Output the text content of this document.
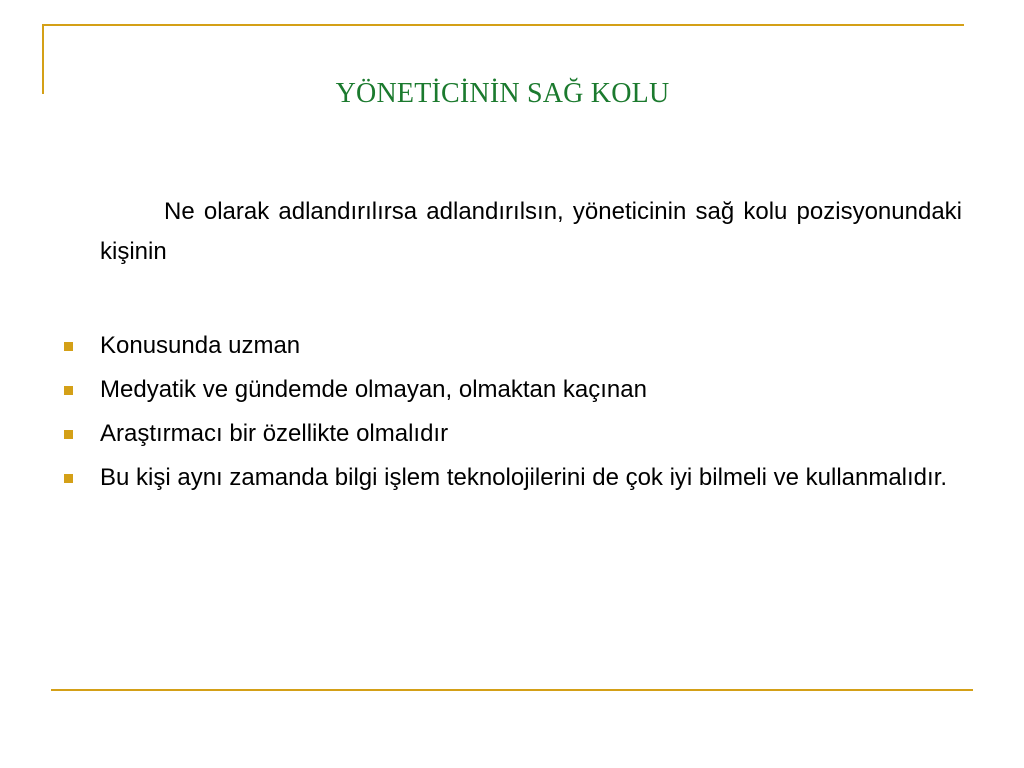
YÖNETİCİNİN SAĞ KOLU

Ne olarak adlandırılırsa adlandırılsın, yöneticinin sağ kolu pozisyonundaki kişinin

Konusunda uzman
Medyatik ve gündemde olmayan, olmaktan kaçınan
Araştırmacı bir özellikte olmalıdır
Bu kişi aynı zamanda bilgi işlem teknolojilerini de çok iyi bilmeli ve kullanmalıdır.
